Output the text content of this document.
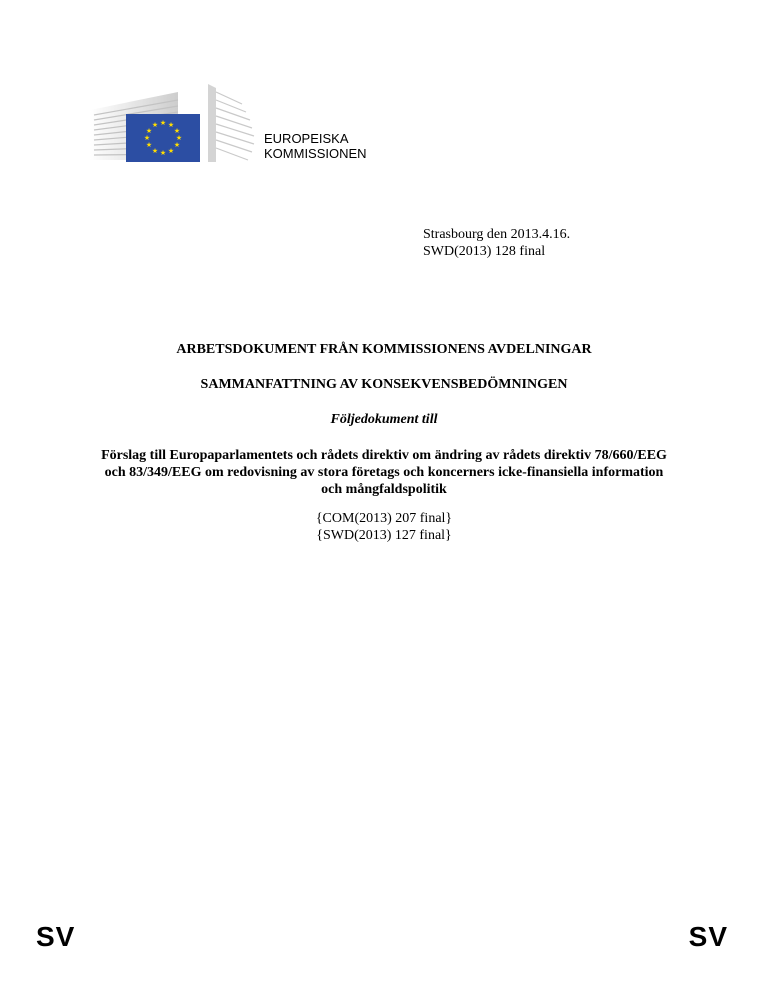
★ ★
★
★
★
★
★
★
★
★
★
★
EUROPEISKA
KOMMISSIONEN
Strasbourg den 2013.4.16.
SWD(2013) 128 final
ARBETSDOKUMENT FRÅN KOMMISSIONENS AVDELNINGAR
SAMMANFATTNING AV KONSEKVENSBEDÖMNINGEN
Följedokument till
Förslag till Europaparlamentets och rådets direktiv om ändring av rådets direktiv 78/660/EEG och 83/349/EEG om redovisning av stora företags och koncerners icke-finansiella information och mångfaldspolitik
{COM(2013) 207 final}
{SWD(2013) 127 final}
SV	SV
